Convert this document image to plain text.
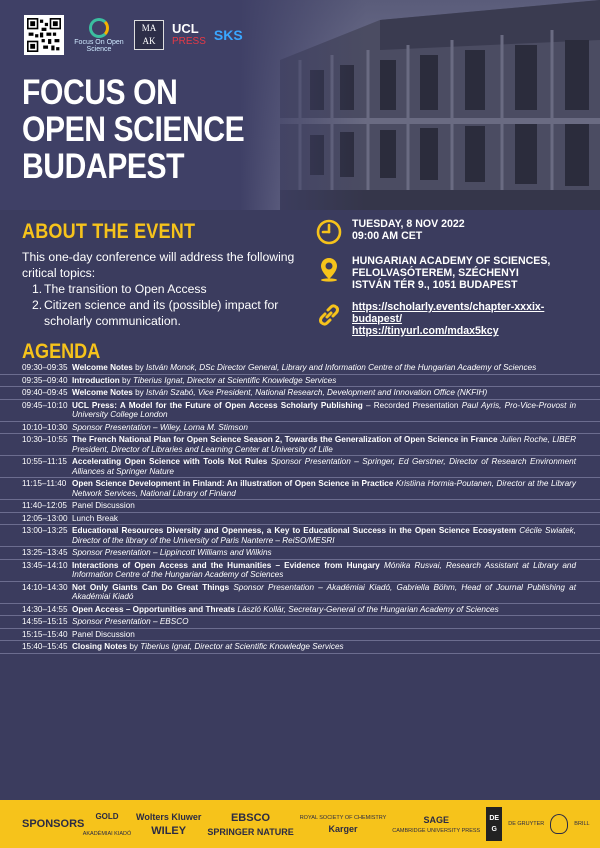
Focus On Open Science
MA
AK
UCL
PRESS SKS
FOCUS ON
OPEN SCIENCE
BUDAPEST
ABOUT THE EVENT

This one-day conference will address the following critical topics:

1. The transition to Open Access
2. Citizen science and its (possible) impact for scholarly communication.
TUESDAY, 8 NOV 2022
09:00 AM CET
HUNGARIAN ACADEMY OF SCIENCES,
FELOLVASÓTEREM, SZÉCHENYI
ISTVÁN TÉR 9., 1051 BUDAPEST
https://scholarly.events/chapter-xxxix-
budapest/
https://tinyurl.com/mdax5kcy
AGENDA
09:30–09:35 Welcome Notes by István Monok, DSc Director General, Library and Information Centre of the Hungarian Academy of Sciences
09:35–09:40 Introduction by Tiberius Ignat, Director at Scientific Knowledge Services
09:40–09:45 Welcome Notes by István Szabó, Vice President, National Research, Development and Innovation Office (NKFIH)
09:45–10:10 UCL Press: A Model for the Future of Open Access Scholarly Publishing – Recorded Presentation Paul Ayris, Pro-Vice-Provost in University College London
10:10–10:30 Sponsor Presentation – Wiley, Lorna M. Stimson
10:30–10:55 The French National Plan for Open Science Season 2, Towards the Generalization of Open Science in France Julien Roche, LIBER President, Director of Libraries and Learning Center at University of Lille
10:55–11:15 Accelerating Open Science with Tools Not Rules Sponsor Presentation – Springer, Ed Gerstner, Director of Research Environment Alliances at Springer Nature
11:15–11:40 Open Science Development in Finland: An illustration of Open Science in Practice Kristiina Hormia-Poutanen, Director at the Library Network Services, National Library of Finland
11:40–12:05 Panel Discussion
12:05–13:00 Lunch Break
13:00–13:25 Educational Resources Diversity and Openness, a Key to Educational Success in the Open Science Ecosystem Cécile Swiatek, Director of the library of the University of Paris Nanterre – ReiSO/MESRI
13:25–13:45 Sponsor Presentation – Lippincott Williams and Wilkins
13:45–14:10 Interactions of Open Access and the Humanities – Evidence from Hungary Mónika Rusvai, Research Assistant at Library and Information Centre of the Hungarian Academy of Sciences
14:10–14:30 Not Only Giants Can Do Great Things Sponsor Presentation – Akadémiai Kiadó, Gabriella Böhm, Head of Journal Publishing at Akadémiai Kiadó
14:30–14:55 Open Access – Opportunities and Threats László Kollár, Secretary-General of the Hungarian Academy of Sciences
14:55–15:15 Sponsor Presentation – EBSCO
15:15–15:40 Panel Discussion
15:40–15:45 Closing Notes by Tiberius Ignat, Director at Scientific Knowledge Services
SPONSORS
GOLD
AKADÉMIAI KIADÓ
Wolters Kluwer
WILEY
EBSCO
SPRINGER NATURE
ROYAL SOCIETY OF CHEMISTRY
Karger
SAGE
CAMBRIDGE UNIVERSITY PRESS
DE
G
DE GRUYTER	BRILL
